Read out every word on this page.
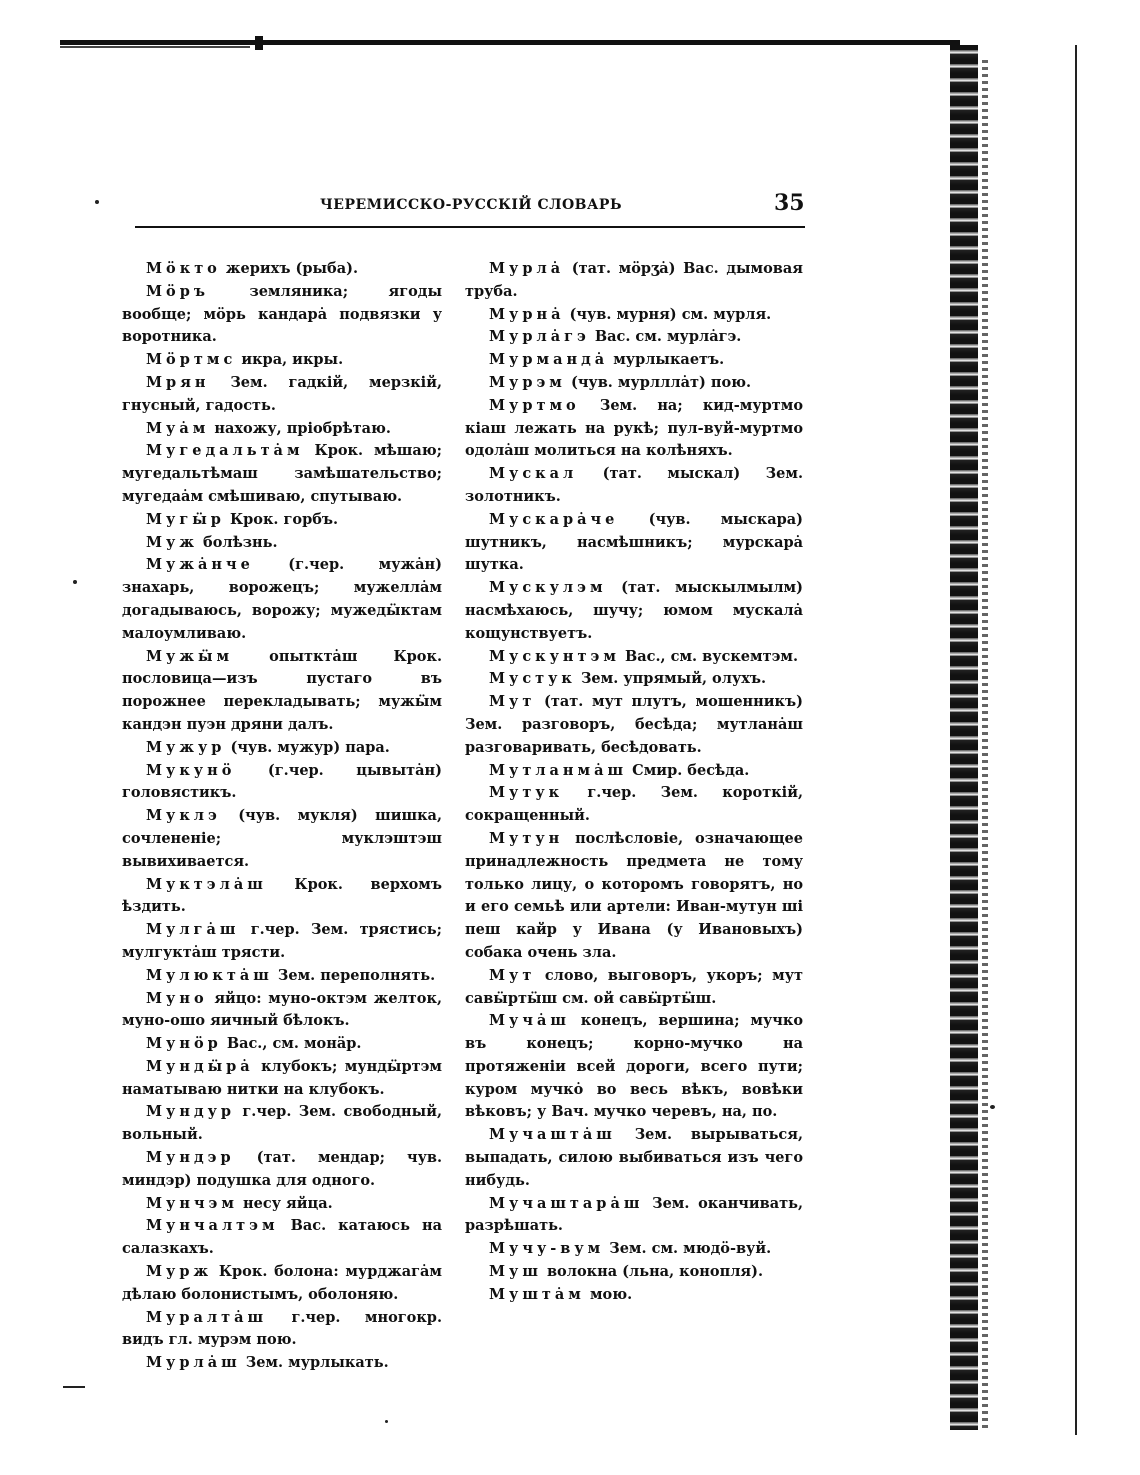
ЧЕРЕМИССКО-РУССКІЙ СЛОВАРЬ	35

Мӧкто жерихъ (рыба).

Мӧръ земляника; ягоды вообще; мӧрь кандарȧ подвязки у воротника.

Мӧртмс икра, икры.

Мрян Зем. гадкій, мерзкій, гнусный, гадость.

Муȧм нахожу, пріобрѣтаю.

Мугедальтȧм Крок. мѣшаю; мугедальтѣмаш замѣшательство; мугедаȧм смѣшиваю, спутываю.

Мугӹр Крок. горбъ.

Муж болѣзнь.

Мужȧнче (г.чер. мужȧн) знахарь, ворожецъ; мужеллȧм догадываюсь, ворожу; мужедӹктам малоумливаю.

Мужӹм опытктȧш Крок. пословица—изъ пустаго въ порожнее перекладывать; мужӹм кандэн пуэн дряни далъ.

Мужур (чув. мужур) пара.

Мукунӧ (г.чер. цывытȧн) головястикъ.

Муклэ (чув. мукля) шишка, сочлененіе; муклэштэш вывихивается.

Муктэлȧш Крок. верхомъ ѣздить.

Мулгȧш г.чер. Зем. трястись; мулгуктȧш трясти.

Мулюктȧш Зем. переполнять.

Муно яйцо: муно-октэм желток, муно-ошо яичный бѣлокъ.

Мунӧр Вас., см. монӓр.

Мундӹрȧ клубокъ; мундӹртэм наматываю нитки на клубокъ.

Мундур г.чер. Зем. свободный, вольный.

Мундэр (тат. мендар; чув. миндэр) подушка для одного.

Мунчэм несу яйца.

Мунчалтэм Вас. катаюсь на салазкахъ.

Мурж Крок. болона: мурджагȧм дѣлаю болонистымъ, оболоняю.

Муралтȧш г.чер. многокр. видъ гл. мурэм пою.

Мурлȧш Зем. мурлыкать.

Мурлȧ (тат. мӧрʒȧ) Вас. дымовая труба.

Мурнȧ (чув. мурня) см. мурля.

Мурлȧгэ Вас. см. мурлȧгэ.

Мурмандȧ мурлыкаетъ.

Мурэм (чув. мурлллȧт) пою.

Муртмо Зем. на; кид-муртмо кіаш лежать на рукѣ; пул-вуй-муртмо одолȧш молиться на колѣняхъ.

Мускал (тат. мыскал) Зем. золотникъ.

Мускарȧче (чув. мыскара) шутникъ, насмѣшникъ; мурскарȧ шутка.

Мускулэм (тат. мыскылмылм) насмѣхаюсь, шучу; юмом мускалȧ кощунствуетъ.

Мускунтэм Вас., см. вускемтэм.

Мустук Зем. упрямый, олухъ.

Мут (тат. мут плутъ, мошенникъ) Зем. разговоръ, бесѣда; мутланȧш разговаривать, бесѣдовать.

Мутланмȧш Смир. бесѣда.

Мутук г.чер. Зем. короткій, сокращенный.

Мутун послѣсловіе, означающее принадлежность предмета не тому только лицу, о которомъ говорятъ, но и его семьѣ или артели: Иван-мутун ші пеш кайр у Ивана (у Ивановыхъ) собака очень зла.

Мут слово, выговоръ, укоръ; мут савӹртӹш см. ой савӹртӹш.

Мучȧш конецъ, вершина; мучко въ конецъ; корно-мучко на протяженіи всей дороги, всего пути; куром мучкȯ во весь вѣкъ, вовѣки вѣковъ; у Вач. мучко черевъ, на, по.

Мучаштȧш Зем. вырываться, выпадать, силою выбиваться изъ чего нибудь.

Мучаштарȧш Зем. оканчивать, разрѣшать.

Мучу-вум Зем. см. мюдӧ-вуй.

Муш волокна (льна, конопля).

Муштȧм мою.
